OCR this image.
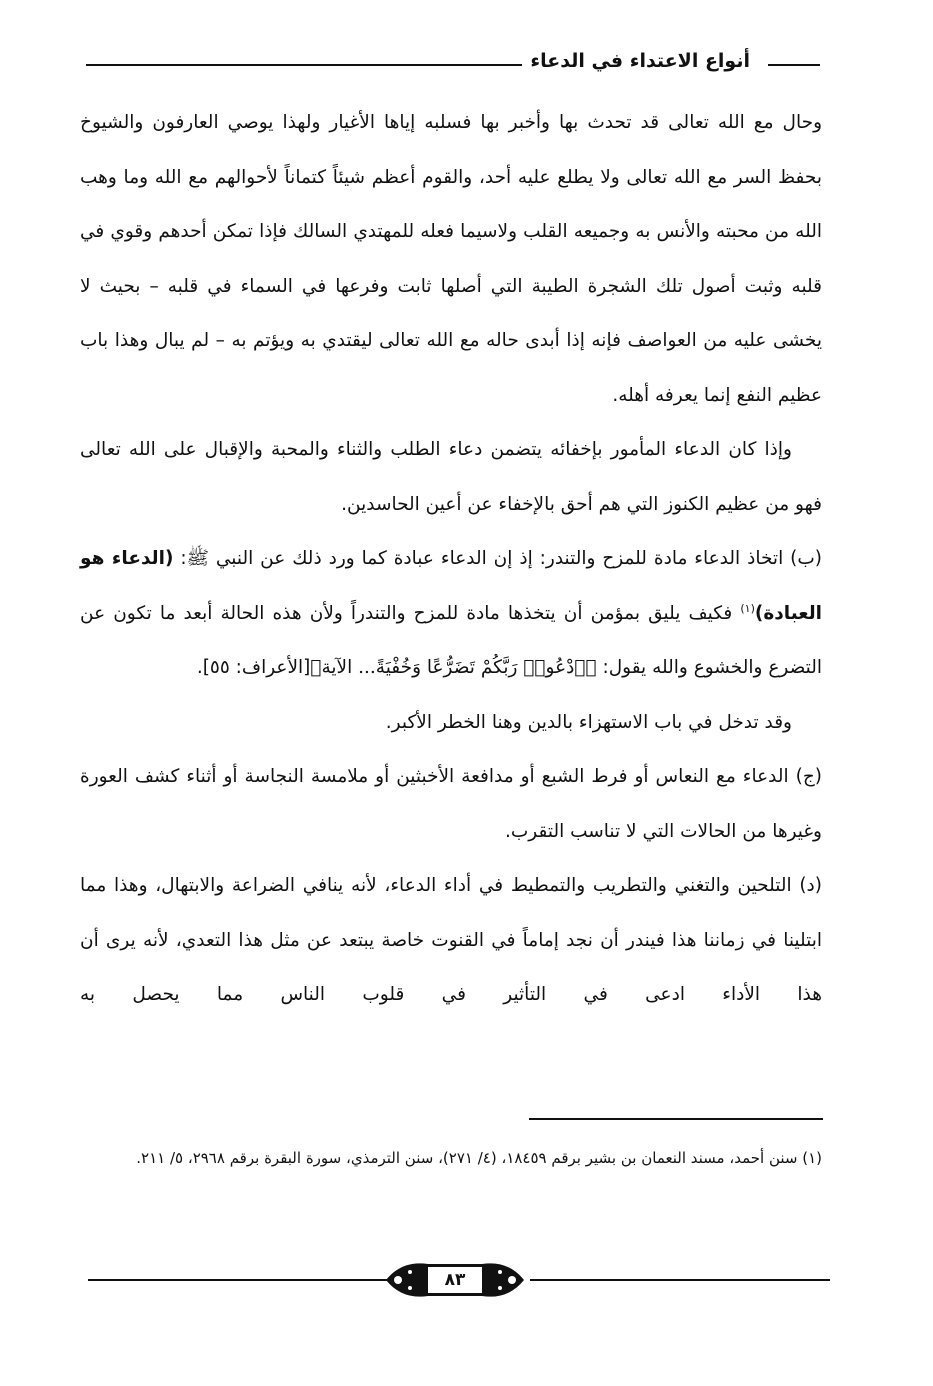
أنواع الاعتداء في الدعاء

وحال مع الله تعالى قد تحدث بها وأخبر بها فسلبه إياها الأغيار ولهذا يوصي العارفون والشيوخ بحفظ السر مع الله تعالى ولا يطلع عليه أحد، والقوم أعظم شيئاً كتماناً لأحوالهم مع الله وما وهب الله من محبته والأنس به وجميعه القلب ولاسيما فعله للمهتدي السالك فإذا تمكن أحدهم وقوي في قلبه وثبت أصول تلك الشجرة الطيبة التي أصلها ثابت وفرعها في السماء في قلبه – بحيث لا يخشى عليه من العواصف فإنه إذا أبدى حاله مع الله تعالى ليقتدي به ويؤتم به – لم يبال وهذا باب عظيم النفع إنما يعرفه أهله.

وإذا كان الدعاء المأمور بإخفائه يتضمن دعاء الطلب والثناء والمحبة والإقبال على الله تعالى فهو من عظيم الكنوز التي هم أحق بالإخفاء عن أعين الحاسدين.

(ب) اتخاذ الدعاء مادة للمزح والتندر: إذ إن الدعاء عبادة كما ورد ذلك عن النبي ﷺ: (الدعاء هو العبادة)$^{(١)}$ فكيف يليق بمؤمن أن يتخذها مادة للمزح والتندراً ولأن هذه الحالة أبعد ما تكون عن التضرع والخشوع والله يقول: ﴿ٱدْعُوا۟ رَبَّكُمْ تَضَرُّعًا وَخُفْيَةً... الآية﴾[الأعراف: ٥٥].

وقد تدخل في باب الاستهزاء بالدين وهنا الخطر الأكبر.

(ج) الدعاء مع النعاس أو فرط الشبع أو مدافعة الأخبثين أو ملامسة النجاسة أو أثناء كشف العورة وغيرها من الحالات التي لا تناسب التقرب.

(د) التلحين والتغني والتطريب والتمطيط في أداء الدعاء، لأنه ينافي الضراعة والابتهال، وهذا مما ابتلينا في زماننا هذا فيندر أن نجد إماماً في القنوت خاصة يبتعد عن مثل هذا التعدي، لأنه يرى أن هذا الأداء ادعى في التأثير في قلوب الناس مما يحصل به

(١) سنن أحمد، مسند النعمان بن بشير برقم ١٨٤٥٩، (٤/ ٢٧١)، سنن الترمذي، سورة البقرة برقم ٢٩٦٨، ٥/ ٢١١.

٨٣
